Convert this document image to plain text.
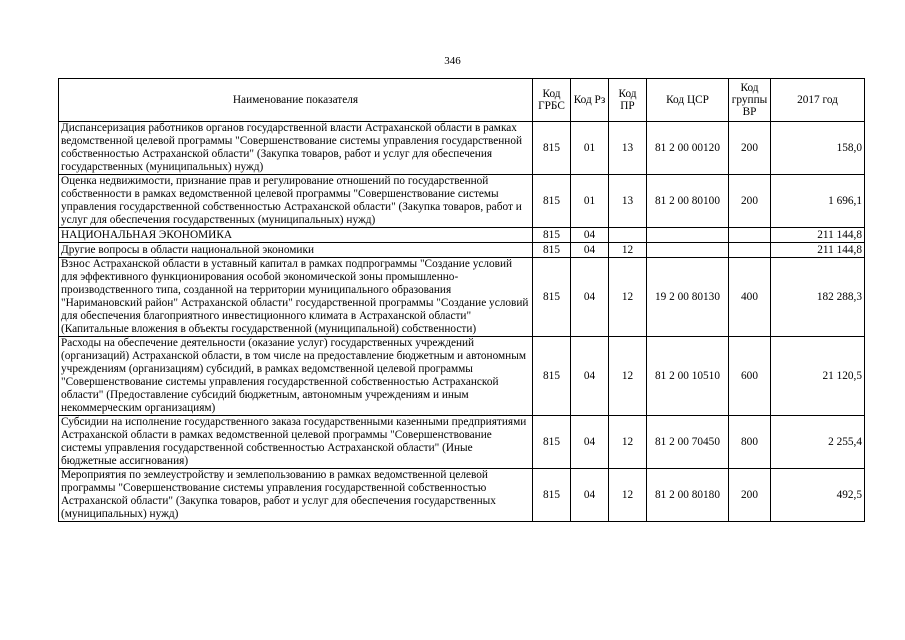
346
Наименование показателя	Код ГРБС	Код Рз	Код ПР	Код ЦСР	Код группы ВР	2017 год
Диспансеризация работников органов государственной власти Астраханской области в рамках ведомственной целевой программы "Совершенствование системы управления государственной собственностью Астраханской области" (Закупка товаров, работ и услуг для обеспечения государственных (муниципальных) нужд)	815	01	13	81 2 00 00120	200	158,0
Оценка недвижимости, признание прав и регулирование отношений по государственной собственности в рамках ведомственной целевой программы "Совершенствование системы управления государственной собственностью Астраханской области" (Закупка товаров, работ и услуг для обеспечения государственных (муниципальных) нужд)	815	01	13	81 2 00 80100	200	1 696,1
НАЦИОНАЛЬНАЯ ЭКОНОМИКА	815	04				211 144,8
Другие вопросы в области национальной экономики	815	04	12			211 144,8
Взнос Астраханской области в уставный капитал в рамках подпрограммы "Создание условий для эффективного функционирования особой экономической зоны промышленно-производственного типа, созданной на территории муниципального образования "Наримановский район" Астраханской области" государственной программы "Создание условий для обеспечения благоприятного инвестиционного климата в Астраханской области" (Капитальные вложения в объекты государственной (муниципальной) собственности)	815	04	12	19 2 00 80130	400	182 288,3
Расходы на обеспечение деятельности (оказание услуг) государственных учреждений (организаций) Астраханской области, в том числе на предоставление бюджетным и автономным учреждениям (организациям) субсидий, в рамках ведомственной целевой программы "Совершенствование системы управления государственной собственностью Астраханской области" (Предоставление субсидий бюджетным, автономным учреждениям и иным некоммерческим организациям)	815	04	12	81 2 00 10510	600	21 120,5
Субсидии на исполнение государственного заказа государственными казенными предприятиями Астраханской области в рамках ведомственной целевой программы "Совершенствование системы управления государственной собственностью Астраханской области" (Иные бюджетные ассигнования)	815	04	12	81 2 00 70450	800	2 255,4
Мероприятия по землеустройству и землепользованию в рамках ведомственной целевой программы "Совершенствование системы управления государственной собственностью Астраханской области" (Закупка товаров, работ и услуг для обеспечения государственных (муниципальных) нужд)	815	04	12	81 2 00 80180	200	492,5
